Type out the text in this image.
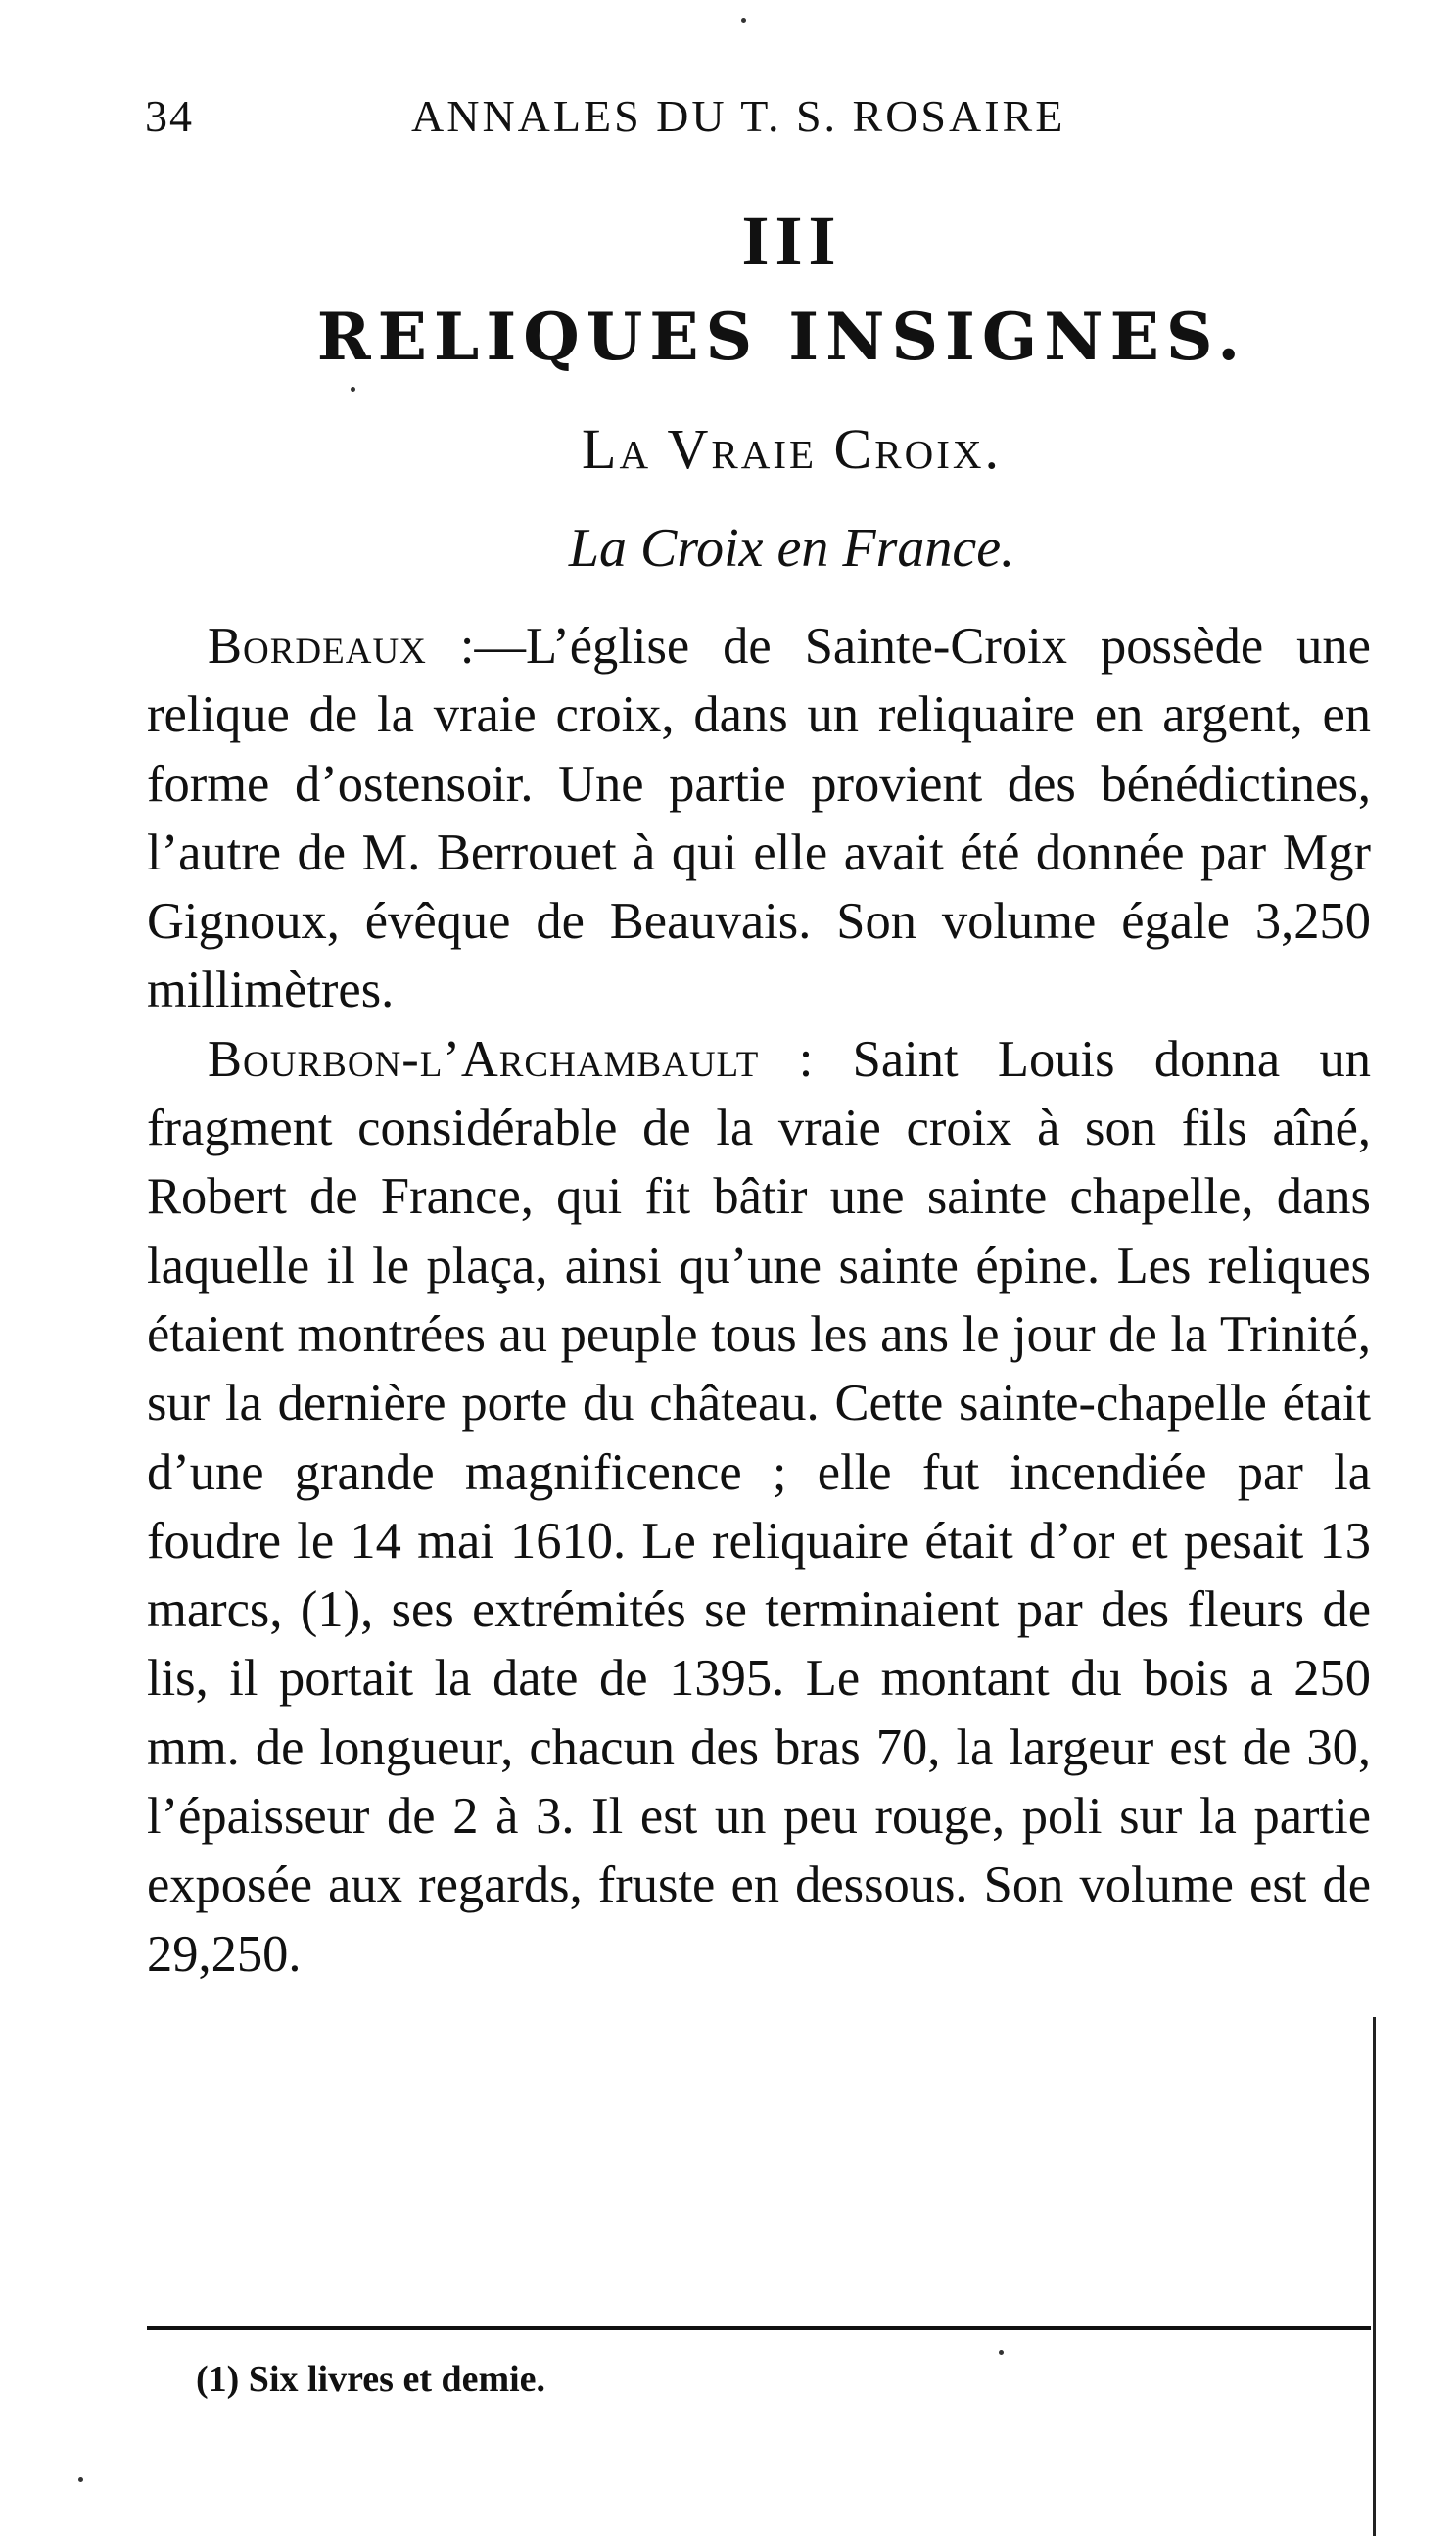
34	ANNALES DU T. S. ROSAIRE
III
RELIQUES INSIGNES.
La Vraie Croix.
La Croix en France.

Bordeaux :—L’église de Sainte-Croix possède une relique de la vraie croix, dans un reliquaire en argent, en forme d’ostensoir. Une partie provient des bénédictines, l’autre de M. Berrouet à qui elle avait été donnée par Mgr Gignoux, évêque de Beauvais. Son volume égale 3,250 millimètres.

Bourbon-l’Archambault : Saint Louis donna un fragment considérable de la vraie croix à son fils aîné, Robert de France, qui fit bâtir une sainte chapelle, dans laquelle il le plaça, ainsi qu’une sainte épine. Les reliques étaient montrées au peuple tous les ans le jour de la Trinité, sur la dernière porte du château. Cette sainte-chapelle était d’une grande magnificence ; elle fut incendiée par la foudre le 14 mai 1610. Le reliquaire était d’or et pesait 13 marcs, (1), ses extrémités se terminaient par des fleurs de lis, il portait la date de 1395. Le montant du bois a 250 mm. de longueur, chacun des bras 70, la largeur est de 30, l’épaisseur de 2 à 3. Il est un peu rouge, poli sur la partie exposée aux regards, fruste en dessous. Son volume est de 29,250.

(1) Six livres et demie.
